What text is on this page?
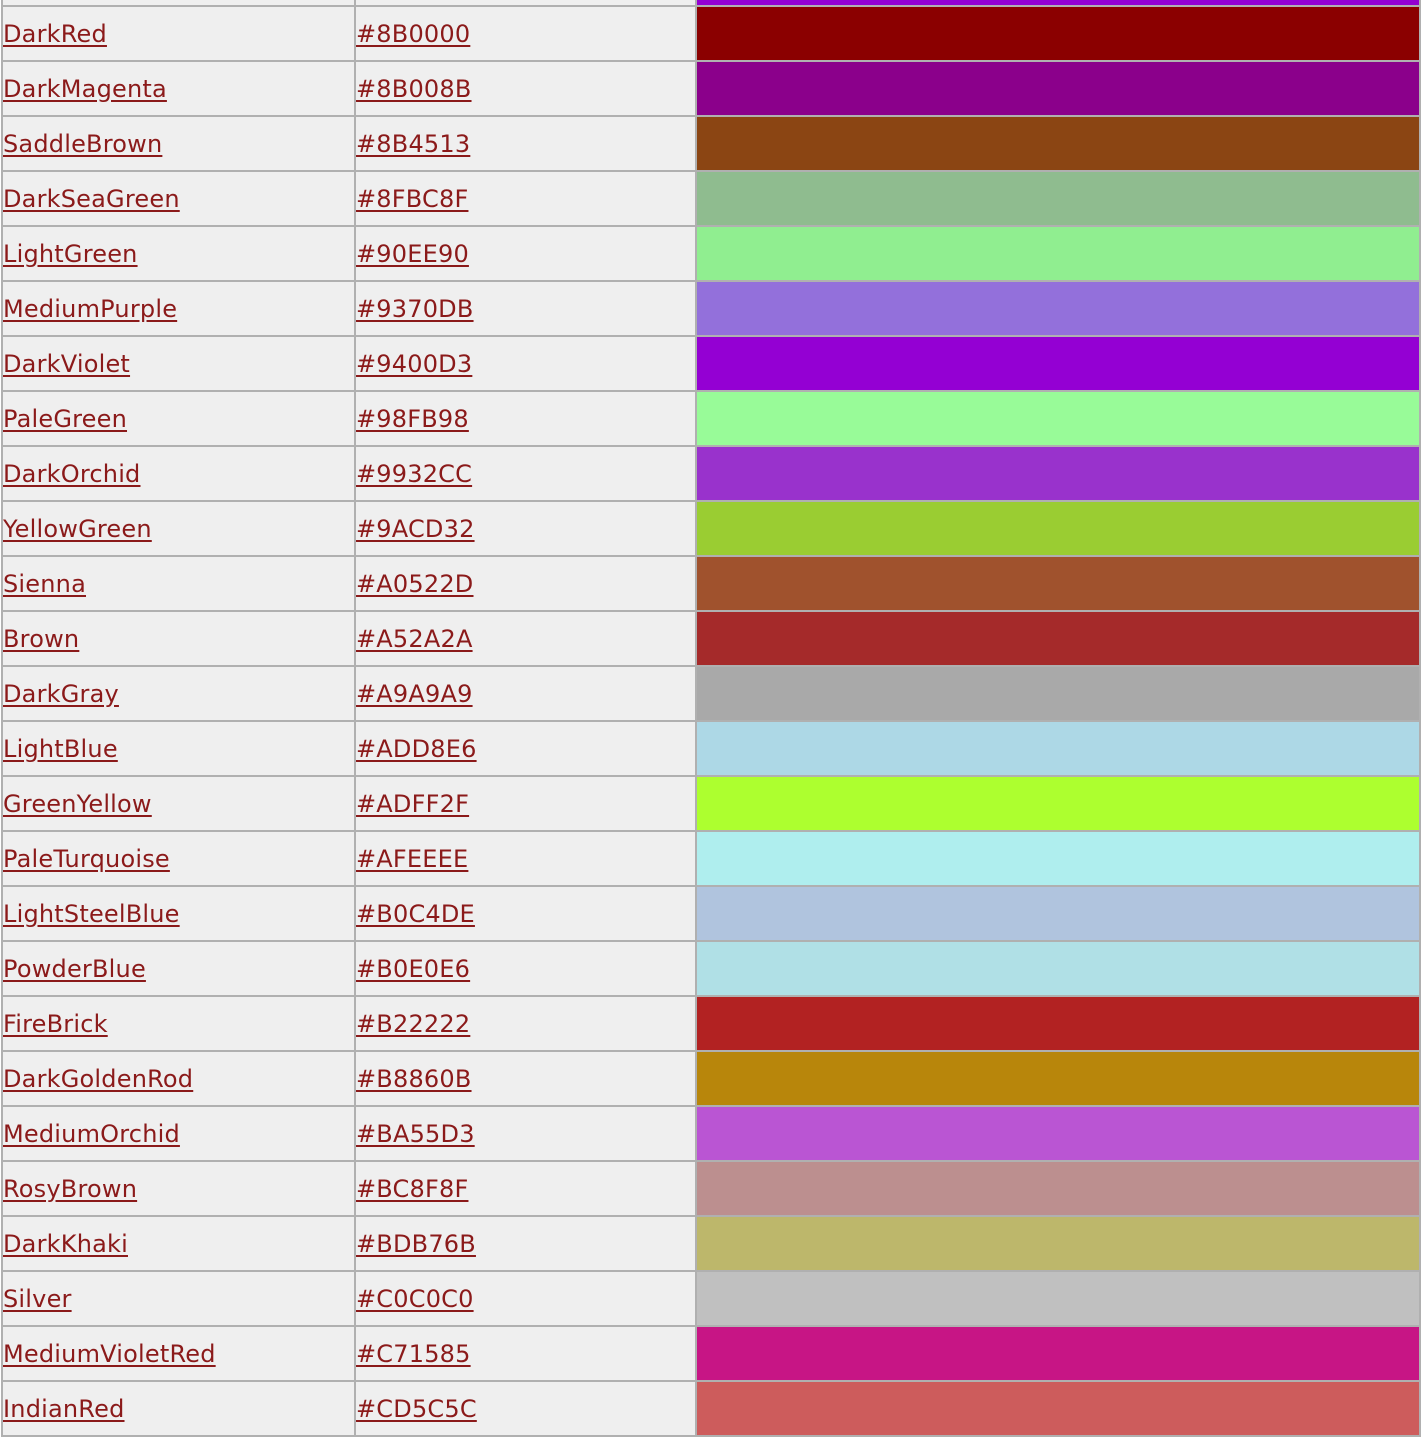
DarkRed	#8B0000	

DarkMagenta	#8B008B	

SaddleBrown	#8B4513	

DarkSeaGreen	#8FBC8F	

LightGreen	#90EE90	

MediumPurple	#9370DB	

DarkViolet	#9400D3	

PaleGreen	#98FB98	

DarkOrchid	#9932CC	

YellowGreen	#9ACD32	

Sienna	#A0522D	

Brown	#A52A2A	

DarkGray	#A9A9A9	

LightBlue	#ADD8E6	

GreenYellow	#ADFF2F	

PaleTurquoise	#AFEEEE	

LightSteelBlue	#B0C4DE	

PowderBlue	#B0E0E6	

FireBrick	#B22222	

DarkGoldenRod	#B8860B	

MediumOrchid	#BA55D3	

RosyBrown	#BC8F8F	

DarkKhaki	#BDB76B	

Silver	#C0C0C0	

MediumVioletRed	#C71585	

IndianRed	#CD5C5C	
